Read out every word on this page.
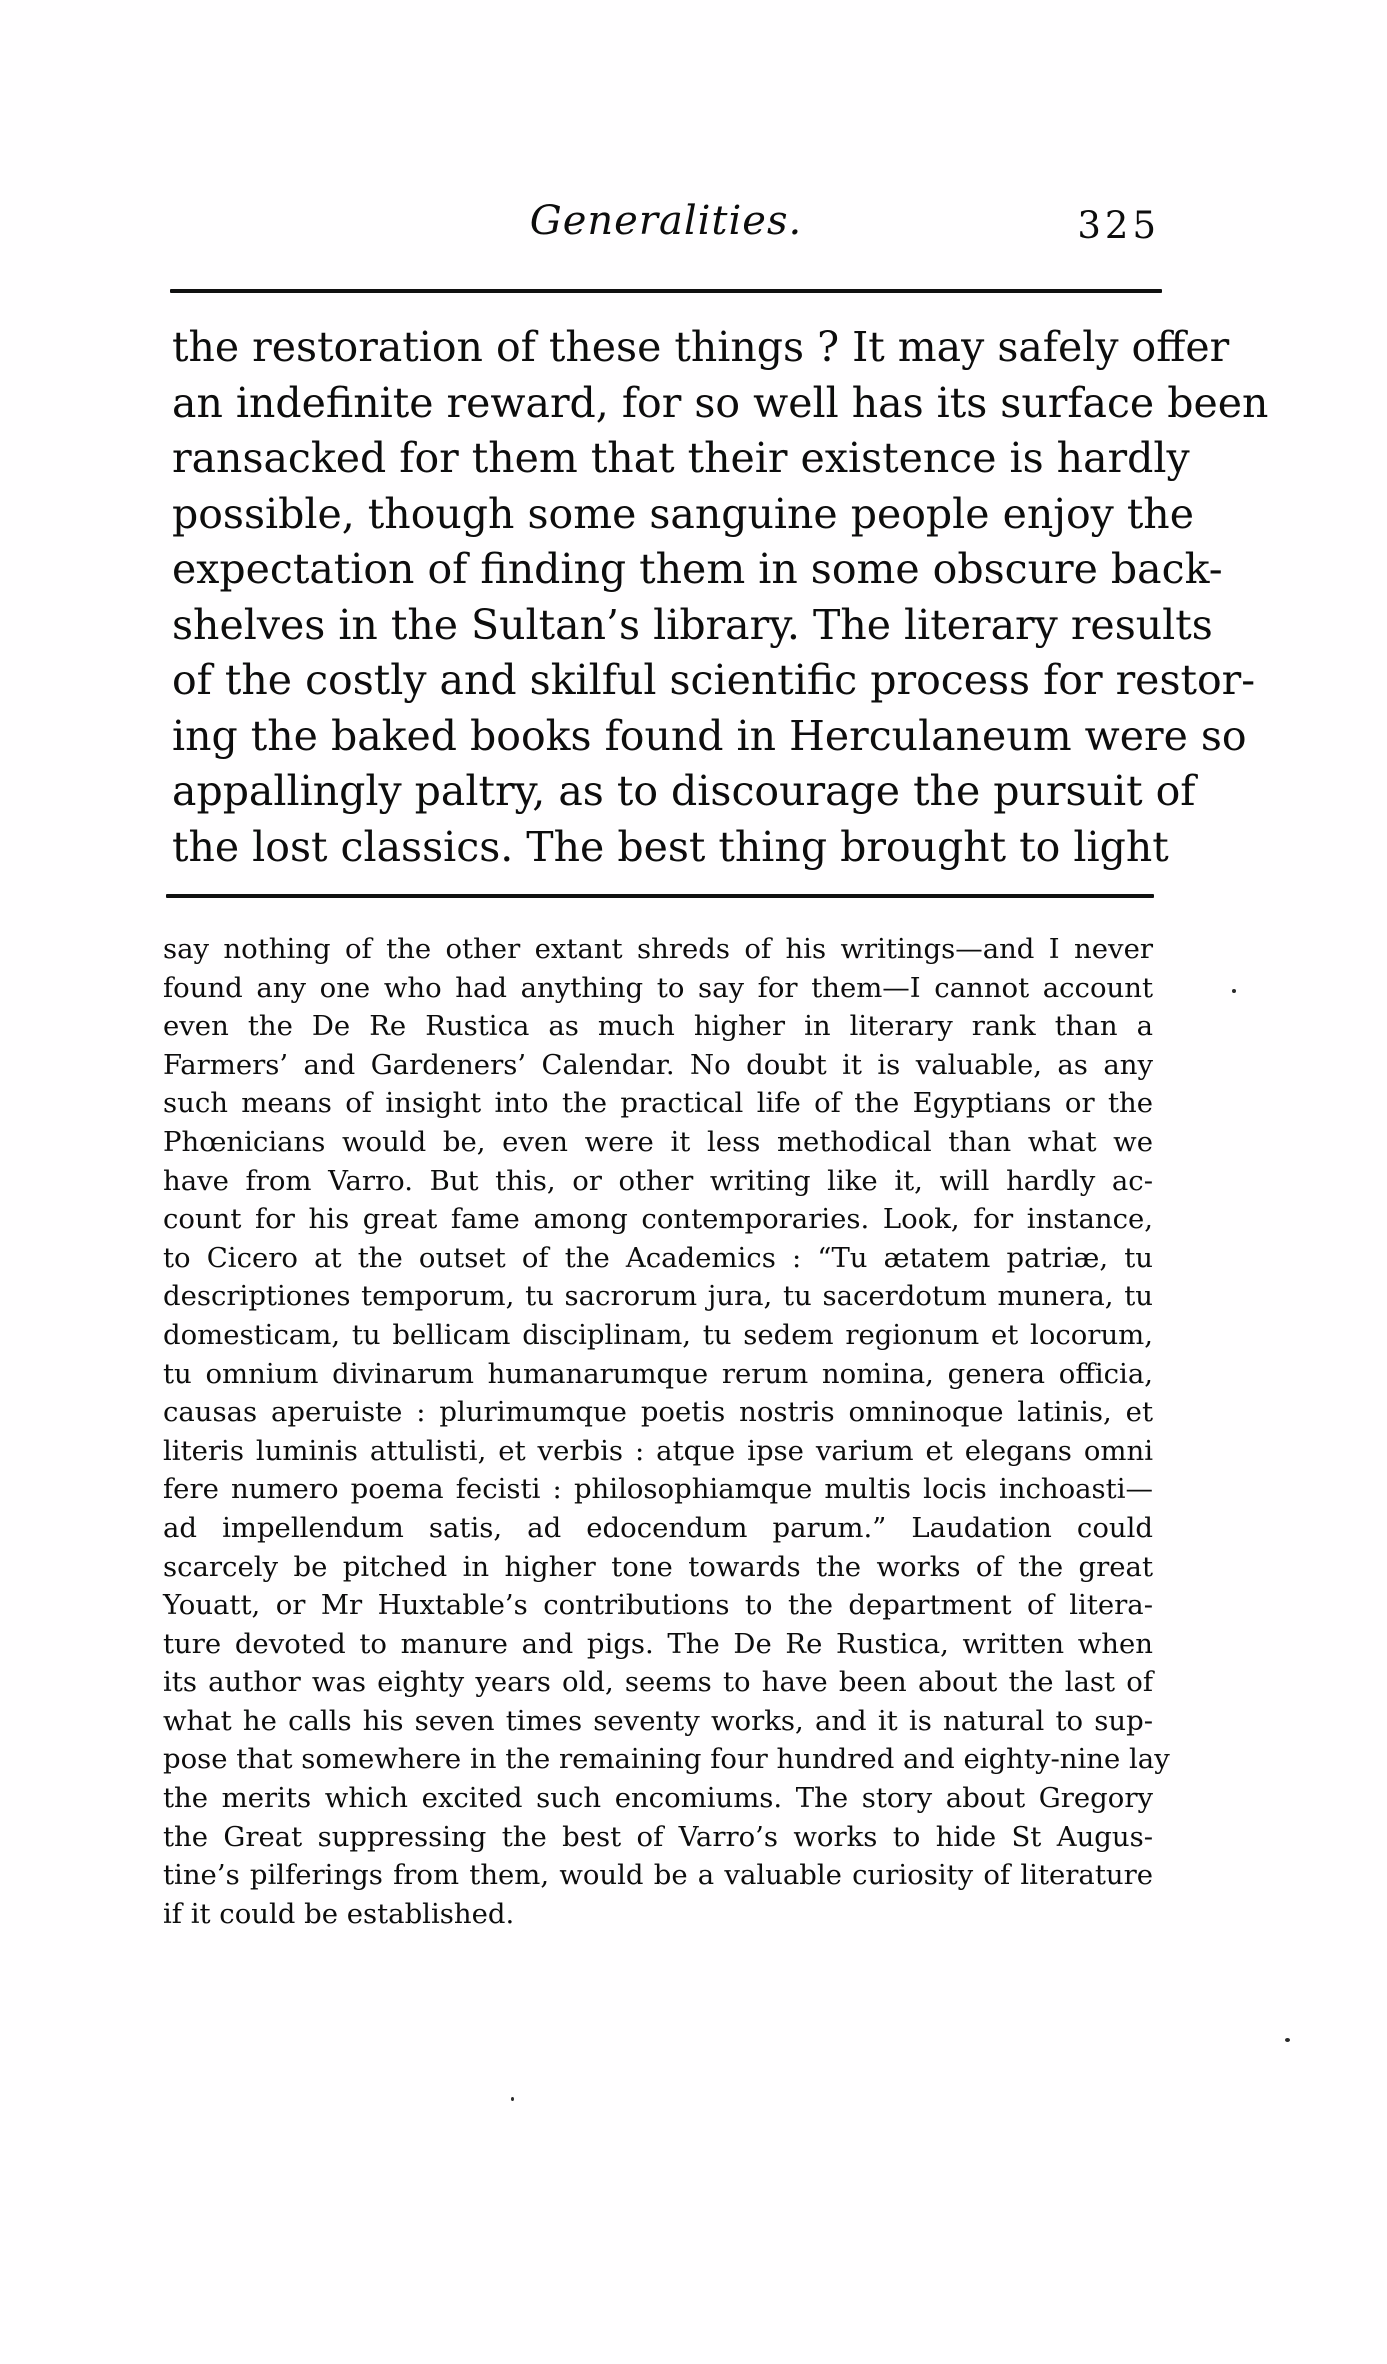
Generalities.	325
the restoration of these things ? It may safely offer
an indefinite reward, for so well has its surface been
ransacked for them that their existence is hardly
possible, though some sanguine people enjoy the
expectation of finding them in some obscure back-
shelves in the Sultan’s library. The literary results
of the costly and skilful scientific process for restor-
ing the baked books found in Herculaneum were so
appallingly paltry, as to discourage the pursuit of
the lost classics. The best thing brought to light
say nothing of the other extant shreds of his writings—and I never
found any one who had anything to say for them—I cannot account
even the De Re Rustica as much higher in literary rank than a
Farmers’ and Gardeners’ Calendar. No doubt it is valuable, as any
such means of insight into the practical life of the Egyptians or the
Phœnicians would be, even were it less methodical than what we
have from Varro. But this, or other writing like it, will hardly ac-
count for his great fame among contemporaries. Look, for instance,
to Cicero at the outset of the Academics : “Tu ætatem patriæ, tu
descriptiones temporum, tu sacrorum jura, tu sacerdotum munera, tu
domesticam, tu bellicam disciplinam, tu sedem regionum et locorum,
tu omnium divinarum humanarumque rerum nomina, genera officia,
causas aperuiste : plurimumque poetis nostris omninoque latinis, et
literis luminis attulisti, et verbis : atque ipse varium et elegans omni
fere numero poema fecisti : philosophiamque multis locis inchoasti—
ad impellendum satis, ad edocendum parum.” Laudation could
scarcely be pitched in higher tone towards the works of the great
Youatt, or Mr Huxtable’s contributions to the department of litera-
ture devoted to manure and pigs. The De Re Rustica, written when
its author was eighty years old, seems to have been about the last of
what he calls his seven times seventy works, and it is natural to sup-
pose that somewhere in the remaining four hundred and eighty-nine lay
the merits which excited such encomiums. The story about Gregory
the Great suppressing the best of Varro’s works to hide St Augus-
tine’s pilferings from them, would be a valuable curiosity of literature
if it could be established.
